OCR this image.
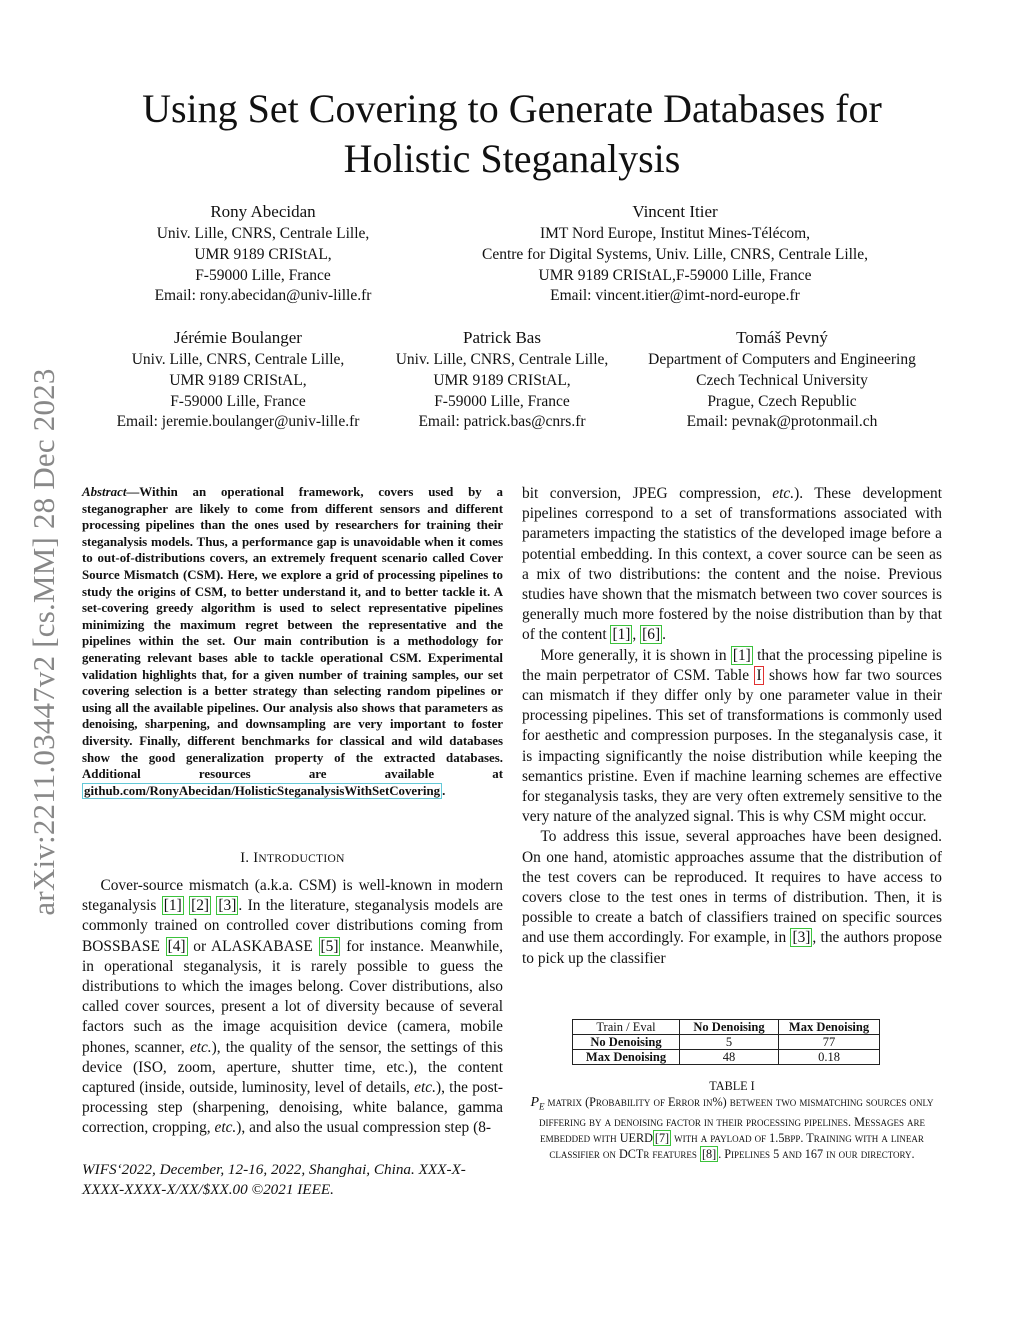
arXiv:2211.03447v2 [cs.MM] 28 Dec 2023
Using Set Covering to Generate Databases for
Holistic Steganalysis
Rony Abecidan
Univ. Lille, CNRS, Centrale Lille,
UMR 9189 CRIStAL,
F-59000 Lille, France
Email: rony.abecidan@univ-lille.fr
Vincent Itier
IMT Nord Europe, Institut Mines-Télécom,
Centre for Digital Systems, Univ. Lille, CNRS, Centrale Lille,
UMR 9189 CRIStAL,F-59000 Lille, France
Email: vincent.itier@imt-nord-europe.fr
Jérémie Boulanger
Univ. Lille, CNRS, Centrale Lille,
UMR 9189 CRIStAL,
F-59000 Lille, France
Email: jeremie.boulanger@univ-lille.fr
Patrick Bas
Univ. Lille, CNRS, Centrale Lille,
UMR 9189 CRIStAL,
F-59000 Lille, France
Email: patrick.bas@cnrs.fr
Tomáš Pevný
Department of Computers and Engineering
Czech Technical University
Prague, Czech Republic
Email: pevnak@protonmail.ch
Abstract—Within an operational framework, covers used by a steganographer are likely to come from different sensors and different processing pipelines than the ones used by researchers for training their steganalysis models. Thus, a performance gap is unavoidable when it comes to out-of-distributions covers, an extremely frequent scenario called Cover Source Mismatch (CSM). Here, we explore a grid of processing pipelines to study the origins of CSM, to better understand it, and to better tackle it. A set-covering greedy algorithm is used to select representative pipelines minimizing the maximum regret between the representative and the pipelines within the set. Our main contribution is a methodology for generating relevant bases able to tackle operational CSM. Experimental validation highlights that, for a given number of training samples, our set covering selection is a better strategy than selecting random pipelines or using all the available pipelines. Our analysis also shows that parameters as denoising, sharpening, and downsampling are very important to foster diversity. Finally, different benchmarks for classical and wild databases show the good generalization property of the extracted databases. Additional resources are available at github.com/RonyAbecidan/HolisticSteganalysisWithSetCovering .
I. INTRODUCTION

Cover-source mismatch (a.k.a. CSM) is well-known in modern steganalysis [1] [2] [3] . In the literature, steganalysis models are commonly trained on controlled cover distributions coming from BOSSBASE [4] or ALASKABASE [5] for instance. Meanwhile, in operational steganalysis, it is rarely possible to guess the distributions to which the images belong. Cover distributions, also called cover sources, present a lot of diversity because of several factors such as the image acquisition device (camera, mobile phones, scanner, etc.), the quality of the sensor, the settings of this device (ISO, zoom, aperture, shutter time, etc.), the content captured (inside, outside, luminosity, level of details, etc.), the post-processing step (sharpening, denoising, white balance, gamma correction, cropping, etc.), and also the usual compression step (8-

WIFS‘2022, December, 12-16, 2022, Shanghai, China. XXX-X-XXXX-XXXX-X/XX/$XX.00 ©2021 IEEE.

bit conversion, JPEG compression, etc.). These development pipelines correspond to a set of transformations associated with parameters impacting the statistics of the developed image before a potential embedding. In this context, a cover source can be seen as a mix of two distributions: the content and the noise. Previous studies have shown that the mismatch between two cover sources is generally much more fostered by the noise distribution than by that of the content [1] , [6] .

More generally, it is shown in [1] that the processing pipeline is the main perpetrator of CSM. Table I shows how far two sources can mismatch if they differ only by one parameter value in their processing pipelines. This set of transformations is commonly used for aesthetic and compression purposes. In the steganalysis case, it is impacting significantly the noise distribution while keeping the semantics pristine. Even if machine learning schemes are effective for steganalysis tasks, they are very often extremely sensitive to the very nature of the analyzed signal. This is why CSM might occur.

To address this issue, several approaches have been designed. On one hand, atomistic approaches assume that the distribution of the test covers can be reproduced. It requires to have access to covers close to the test ones in terms of distribution. Then, it is possible to create a batch of classifiers trained on specific sources and use them accordingly. For example, in [3] , the authors propose to pick up the classifier

Train / Eval	No Denoising	Max Denoising
No Denoising	5	77
Max Denoising	48	0.18
TABLE I
$P_E$ matrix (Probability of Error in%) between two mismatching sources only differing by a denoising factor in their processing pipelines. Messages are embedded with UERD [7] with a payload of 1.5bpp. Training with a linear classifier on DCTr features [8] . Pipelines 5 and 167 in our directory.
